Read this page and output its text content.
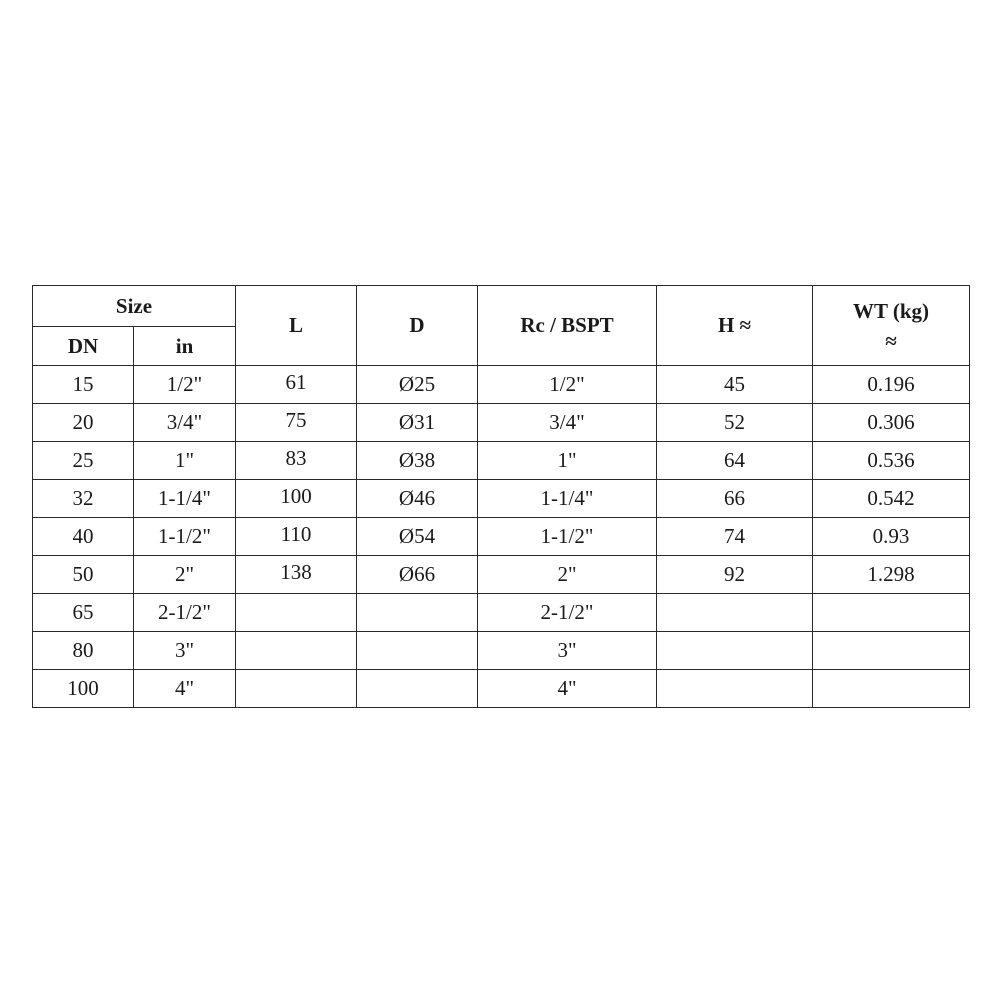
Size		L	D	Rc / BSPT	H ≈	WT (kg)
≈

DN	in					
15	1/2"	61	Ø25	1/2"	45	0.196
20	3/4"	75	Ø31	3/4"	52	0.306
25	1"	83	Ø38	1"	64	0.536
32	1-1/4"	100	Ø46	1-1/4"	66	0.542
40	1-1/2"	110	Ø54	1-1/2"	74	0.93
50	2"	138	Ø66	2"	92	1.298
65	2-1/2"			2-1/2"		
80	3"			3"		
100	4"			4"		
